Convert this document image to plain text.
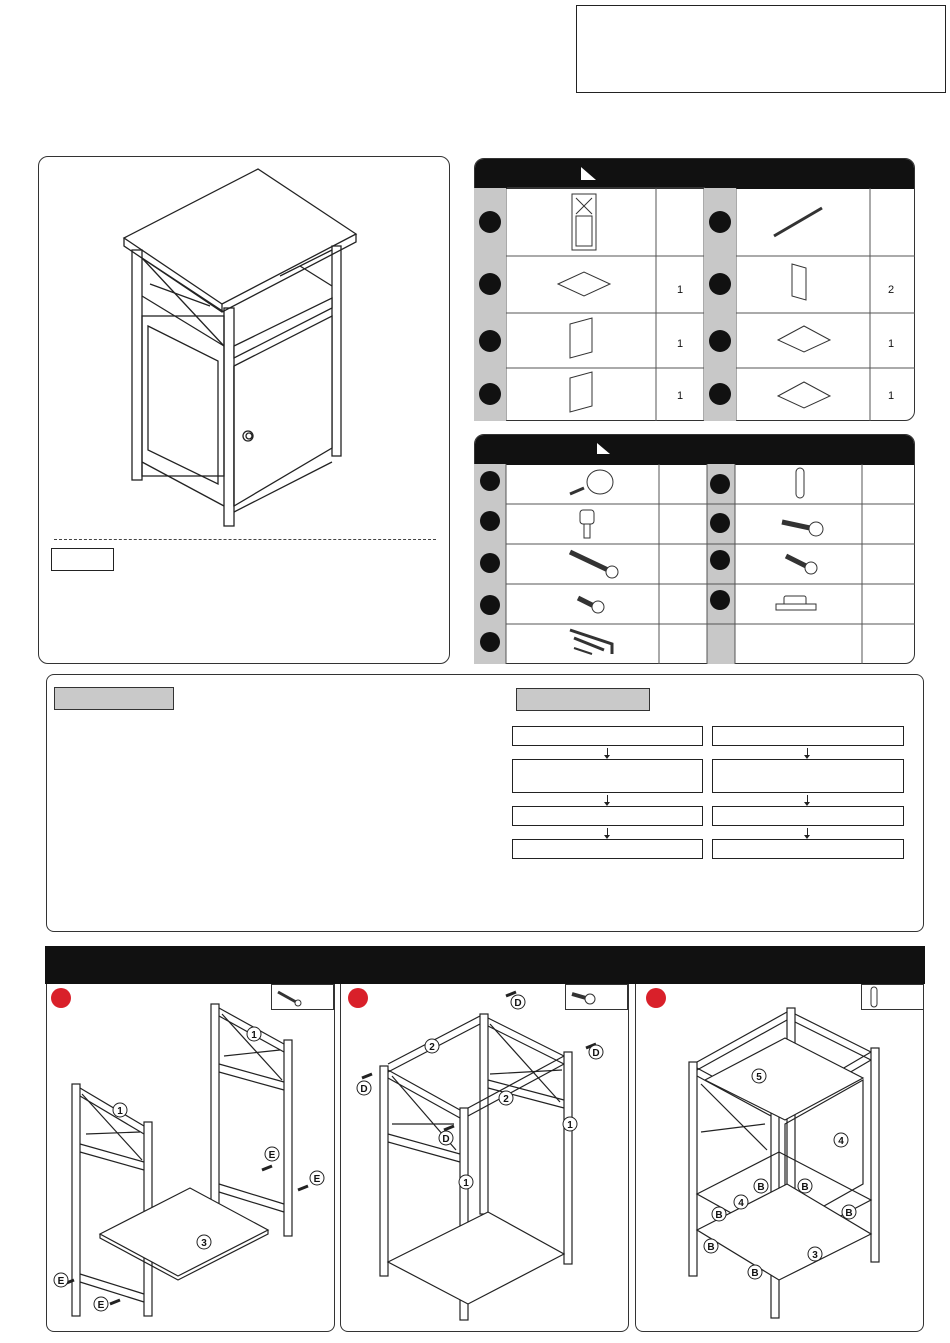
1	2
1	1
1	1
1
1
3
E
E
E
E
D
D
D
D
2
2
1
1
5
4
4
3
B	B
B
B
B
B
